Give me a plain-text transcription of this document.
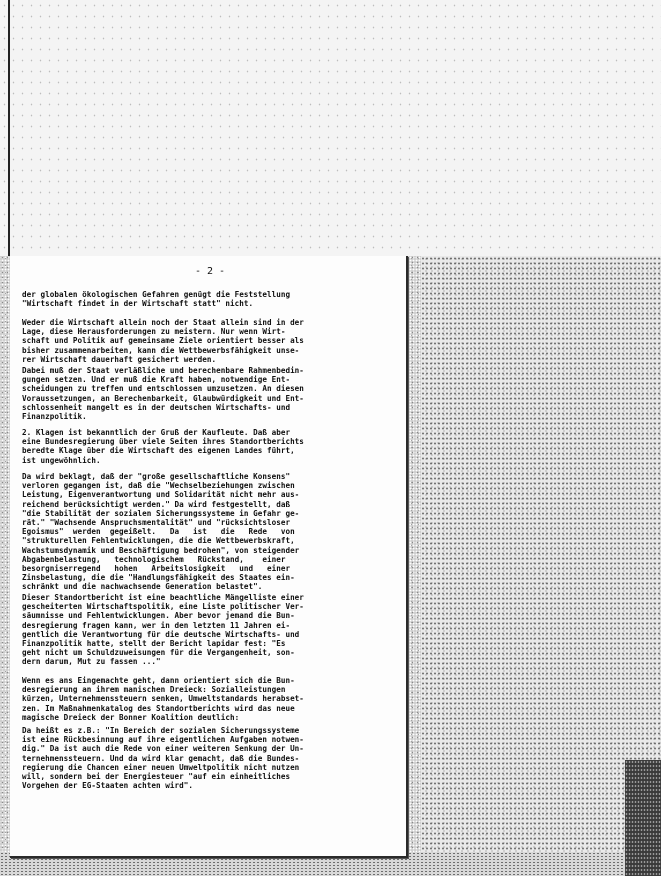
- 2 -
der globalen ökologischen Gefahren genügt die Feststellung
"Wirtschaft findet in der Wirtschaft statt" nicht.
Weder die Wirtschaft allein noch der Staat allein sind in der
Lage, diese Herausforderungen zu meistern. Nur wenn Wirt-
schaft und Politik auf gemeinsame Ziele orientiert besser als
bisher zusammenarbeiten, kann die Wettbewerbsfähigkeit unse-
rer Wirtschaft dauerhaft gesichert werden.
Dabei muß der Staat verläßliche und berechenbare Rahmenbedin-
gungen setzen. Und er muß die Kraft haben, notwendige Ent-
scheidungen zu treffen und entschlossen umzusetzen. An diesen
Voraussetzungen, an Berechenbarkeit, Glaubwürdigkeit und Ent-
schlossenheit mangelt es in der deutschen Wirtschafts- und
Finanzpolitik.
2. Klagen ist bekanntlich der Gruß der Kaufleute. Daß aber
eine Bundesregierung über viele Seiten ihres Standortberichts
beredte Klage über die Wirtschaft des eigenen Landes führt,
ist ungewöhnlich.
Da wird beklagt, daß der "große gesellschaftliche Konsens"
verloren gegangen ist, daß die "Wechselbeziehungen zwischen
Leistung, Eigenverantwortung und Solidarität nicht mehr aus-
reichend berücksichtigt werden." Da wird festgestellt, daß
"die Stabilität der sozialen Sicherungssysteme in Gefahr ge-
rät." "Wachsende Anspruchsmentalität" und "rücksichtsloser
Egoismus"  werden  gegeißelt.   Da   ist   die   Rede   von
"strukturellen Fehlentwicklungen, die die Wettbewerbskraft,
Wachstumsdynamik und Beschäftigung bedrohen", von steigender
Abgabenbelastung,   technologischem   Rückstand,    einer
besorgniserregend   hohen   Arbeitslosigkeit   und   einer
Zinsbelastung, die die "Handlungsfähigkeit des Staates ein-
schränkt und die nachwachsende Generation belastet".
Dieser Standortbericht ist eine beachtliche Mängelliste einer
gescheiterten Wirtschaftspolitik, eine Liste politischer Ver-
säumnisse und Fehlentwicklungen. Aber bevor jemand die Bun-
desregierung fragen kann, wer in den letzten 11 Jahren ei-
gentlich die Verantwortung für die deutsche Wirtschafts- und
Finanzpolitik hatte, stellt der Bericht lapidar fest: "Es
geht nicht um Schuldzuweisungen für die Vergangenheit, son-
dern darum, Mut zu fassen ..."
Wenn es ans Eingemachte geht, dann orientiert sich die Bun-
desregierung an ihrem manischen Dreieck: Sozialleistungen
kürzen, Unternehmenssteuern senken, Umweltstandards herabset-
zen. Im Maßnahmenkatalog des Standortberichts wird das neue
magische Dreieck der Bonner Koalition deutlich:
Da heißt es z.B.: "In Bereich der sozialen Sicherungssysteme
ist eine Rückbesinnung auf ihre eigentlichen Aufgaben notwen-
dig." Da ist auch die Rede von einer weiteren Senkung der Un-
ternehmenssteuern. Und da wird klar gemacht, daß die Bundes-
regierung die Chancen einer neuen Umweltpolitik nicht nutzen
will, sondern bei der Energiesteuer "auf ein einheitliches
Vorgehen der EG-Staaten achten wird".
